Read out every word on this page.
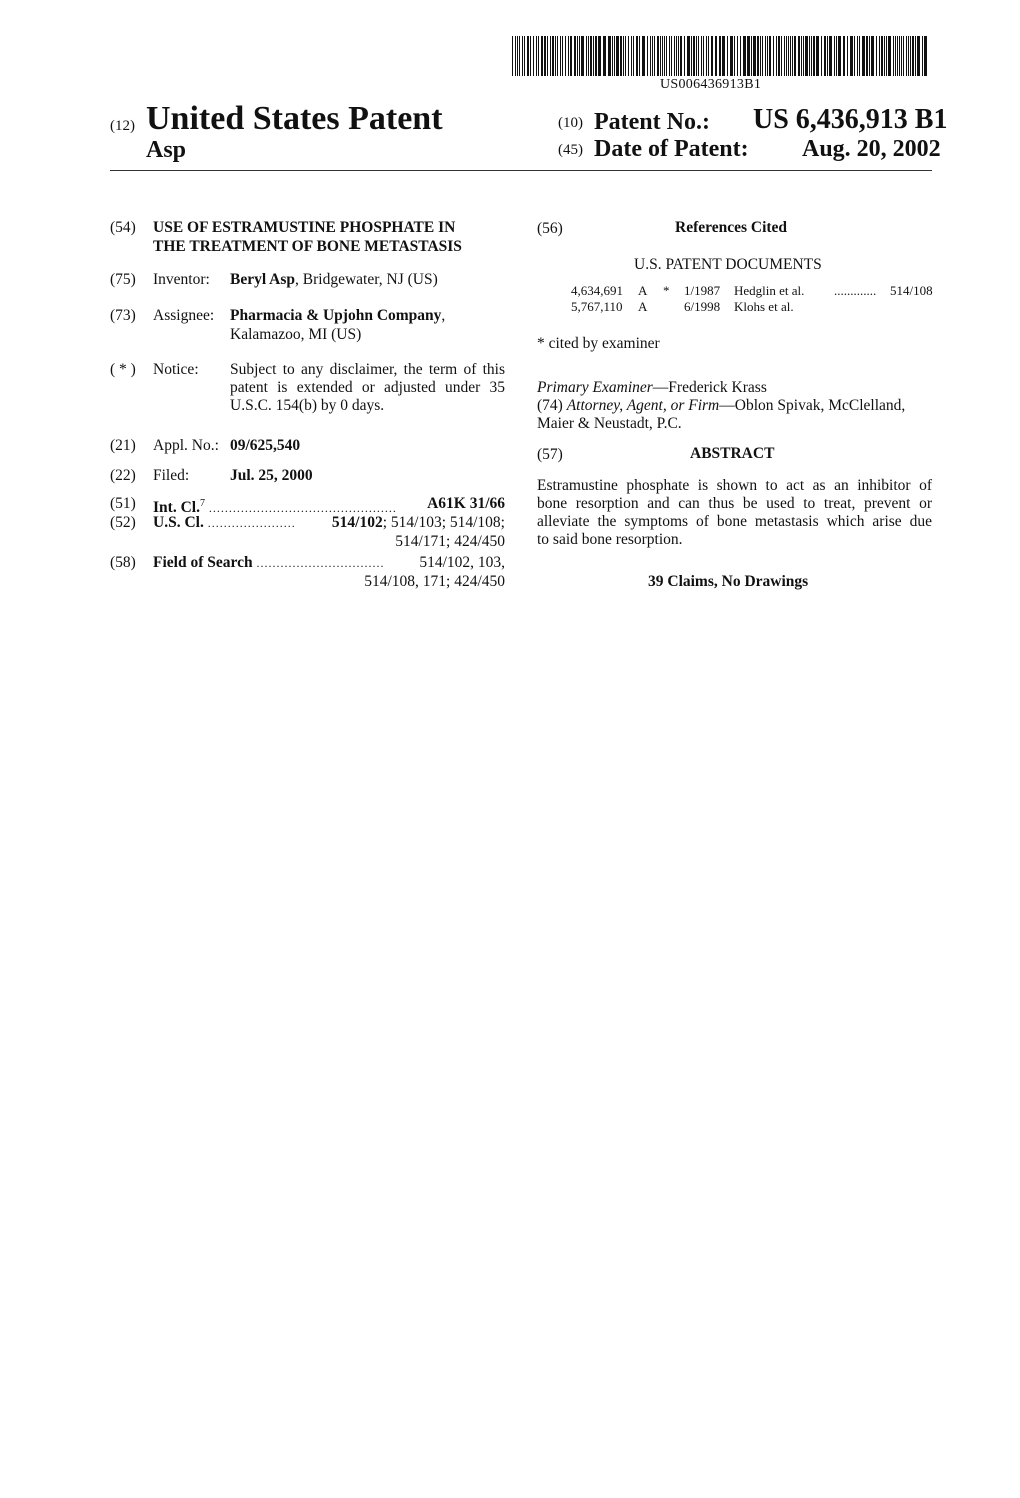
US006436913B1
(12) United States Patent
Asp
(10) Patent No.: US 6,436,913 B1
(45) Date of Patent: Aug. 20, 2002
(54) USE OF ESTRAMUSTINE PHOSPHATE IN
THE TREATMENT OF BONE METASTASIS
(75) Inventor: Beryl Asp, Bridgewater, NJ (US)
(73) Assignee: Pharmacia & Upjohn Company,
Kalamazoo, MI (US)
( * ) Notice: Subject to any disclaimer, the term of this
patent is extended or adjusted under 35
U.S.C. 154(b) by 0 days.
(21) Appl. No.: 09/625,540
(22) Filed:	Jul. 25, 2000
(51) Int. Cl.$^7$ ............................................... A61K 31/66
(52) U.S. Cl. ...................... 514/102; 514/103; 514/108;
514/171; 424/450
(58) Field of Search ................................ 514/102, 103,
514/108, 171; 424/450
(56)	References Cited
U.S. PATENT DOCUMENTS
4,634,691 A * 1/1987 Hedglin et al. ............. 514/108
5,767,110 A	6/1998 Klohs et al.
* cited by examiner
Primary Examiner—Frederick Krass
(74) Attorney, Agent, or Firm—Oblon Spivak, McClelland,
Maier & Neustadt, P.C.
(57)	ABSTRACT
Estramustine phosphate is shown to act as an inhibitor of
bone resorption and can thus be used to treat, prevent or
alleviate the symptoms of bone metastasis which arise due
to said bone resorption.
39 Claims, No Drawings
